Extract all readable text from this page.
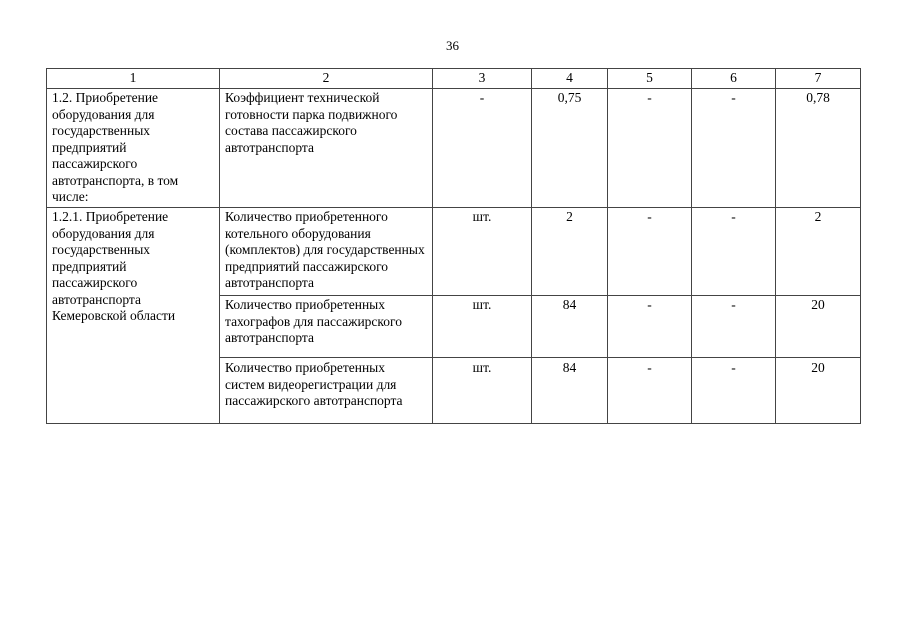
36
1	2	3	4	5	6	7
1.2. Приобретение оборудования для государственных предприятий пассажирского автотранспорта, в том числе:	Коэффициент технической готовности парка подвижного состава пассажирского автотранспорта	-	0,75	-	-	0,78
1.2.1. Приобретение оборудования для государственных предприятий пассажирского автотранспорта Кемеровской области	Количество приобретенного котельного оборудования (комплектов) для государственных предприятий пассажирского автотранспорта	шт.	2	-	-	2
	Количество приобретенных тахографов для пассажирского автотранспорта	шт.	84	-	-	20
	Количество приобретенных систем видеорегистрации для пассажирского автотранспорта	шт.	84	-	-	20
